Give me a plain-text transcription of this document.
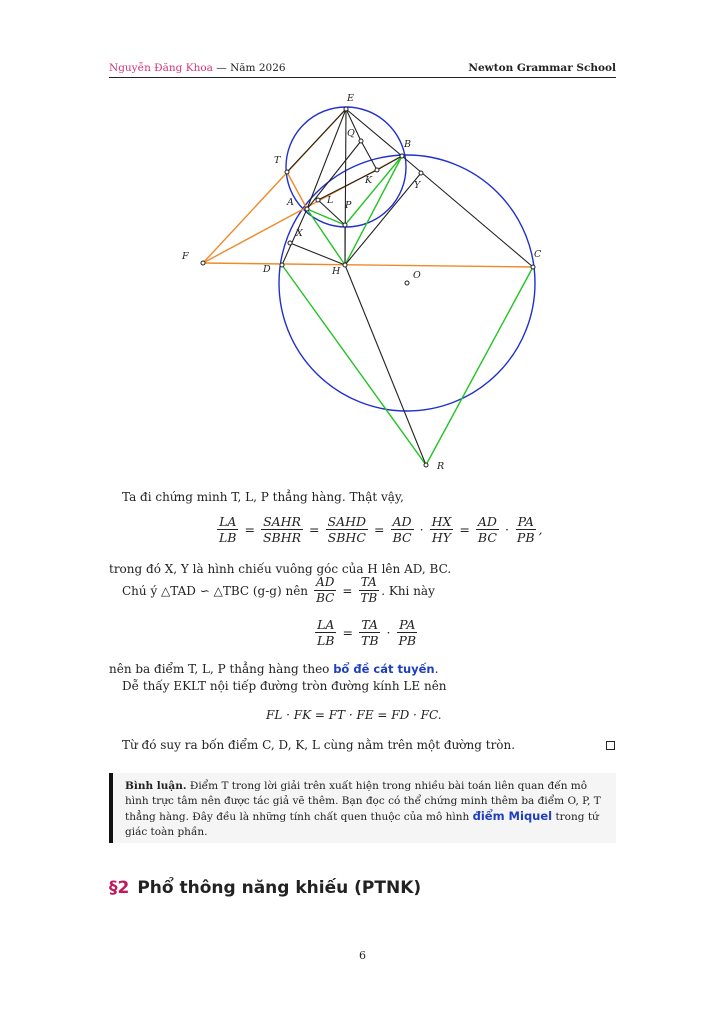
Nguyễn Đăng Khoa — Năm 2026	Newton Grammar School
E
Q
B
T
K	Y
A	L P
X
F
D	H	O
C
R
Ta đi chứng minh T, L, P thẳng hàng. Thật vậy,
$\frac{LA}{LB} = \frac{\text{SAHR}}{\text{SBHR}} = \frac{\text{SAHD}}{\text{SBHC}} = \frac{AD}{BC} \cdot \frac{HX}{HY} = \frac{AD}{BC} \cdot \frac{PA}{PB}$ ,
trong đó X, Y là hình chiếu vuông góc của H lên AD, BC.
Chú ý △TAD ∽ △TBC (g-g) nên $\frac{AD}{BC} = \frac{TA}{TB}$ . Khi này
$\frac{LA}{LB} = \frac{TA}{TB} \cdot \frac{PA}{PB}$
nên ba điểm T, L, P thẳng hàng theo bổ đề cát tuyến.
Dễ thấy EKLT nội tiếp đường tròn đường kính LE nên
FL · FK = FT · FE = FD · FC.
Từ đó suy ra bốn điểm C, D, K, L cùng nằm trên một đường tròn.
Bình luận. Điểm T trong lời giải trên xuất hiện trong nhiều bài toán liên quan đến mô hình trực tâm nên được tác giả vẽ thêm. Bạn đọc có thể chứng minh thêm ba điểm O, P, T thẳng hàng. Đây đều là những tính chất quen thuộc của mô hình điểm Miquel trong tứ giác toàn phần.
§2 Phổ thông năng khiếu (PTNK)
6
